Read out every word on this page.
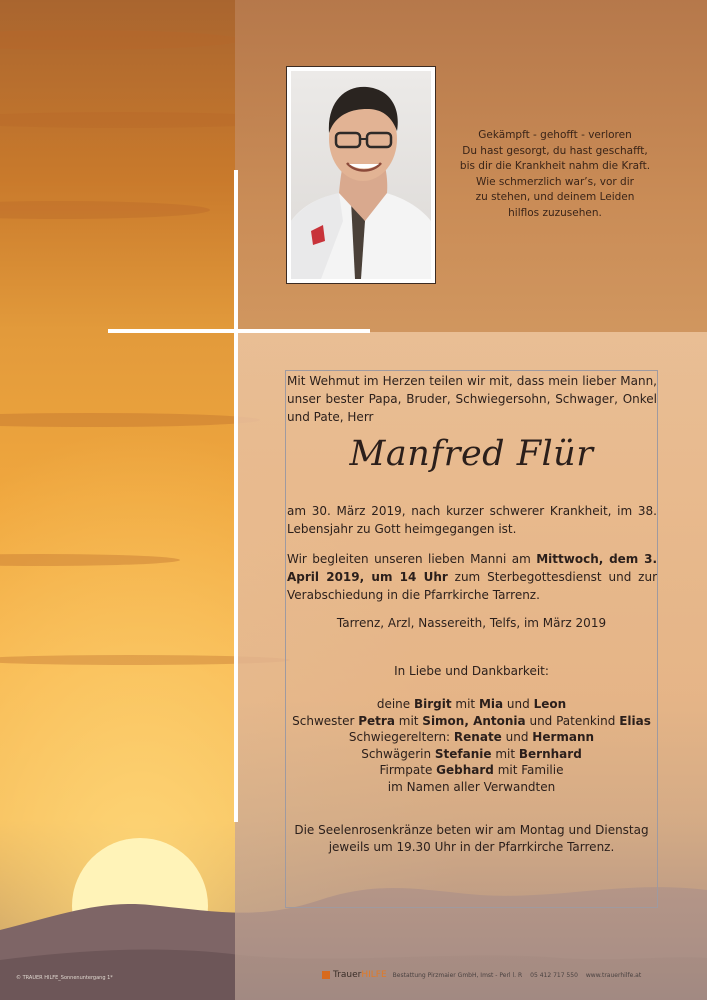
Gekämpft - gehofft - verloren
Du hast gesorgt, du hast geschafft,
bis dir die Krankheit nahm die Kraft.
Wie schmerzlich war’s, vor dir
zu stehen, und deinem Leiden
hilflos zuzusehen.
Mit Wehmut im Herzen teilen wir mit, dass mein lieber Mann, unser bester Papa, Bruder, Schwiegersohn, Schwager, Onkel und Pate, Herr
Manfred Flür
am 30. März 2019, nach kurzer schwerer Krankheit, im 38. Lebensjahr zu Gott heimgegangen ist.
Wir begleiten unseren lieben Manni am Mittwoch, dem 3. April 2019, um 14 Uhr zum Sterbegottesdienst und zur Verabschiedung in die Pfarrkirche Tarrenz.
Tarrenz, Arzl, Nassereith, Telfs, im März 2019
In Liebe und Dankbarkeit:
deine Birgit mit Mia und Leon
Schwester Petra mit Simon, Antonia und Patenkind Elias
Schwiegereltern: Renate und Hermann
Schwägerin Stefanie mit Bernhard
Firmpate Gebhard mit Familie
im Namen aller Verwandten
Die Seelenrosenkränze beten wir am Montag und Dienstag
jeweils um 19.30 Uhr in der Pfarrkirche Tarrenz.
© TRAUER HILFE_Sonnenuntergang 1*	TrauerHILFE Bestattung Pirzmaier GmbH, Imst - Perl l. R 05 412 717 550 www.trauerhilfe.at
